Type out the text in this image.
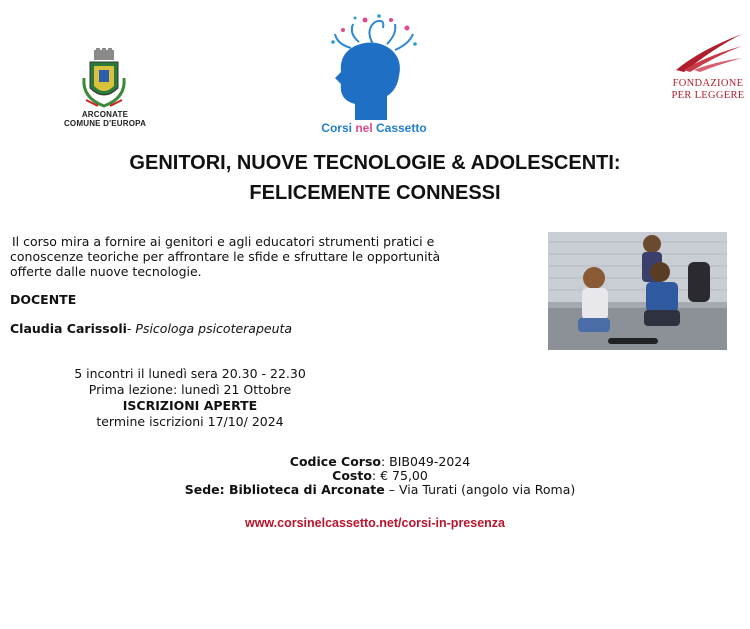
ARCONATE
COMUNE D'EUROPA	Corsi nel Cassetto
FONDAZIONE
PER LEGGERE
GENITORI, NUOVE TECNOLOGIE & ADOLESCENTI:
FELICEMENTE CONNESSI
Il corso mira a fornire ai genitori e agli educatori strumenti pratici e
conoscenze teoriche per affrontare le sfide e sfruttare le opportunità
offerte dalle nuove tecnologie.
DOCENTE
Claudia Carissoli- Psicologa psicoterapeuta
5 incontri il lunedì sera 20.30 - 22.30
Prima lezione: lunedì 21 Ottobre
ISCRIZIONI APERTE
termine iscrizioni 17/10/ 2024
Codice Corso: BIB049-2024
Costo: € 75,00
Sede: Biblioteca di Arconate – Via Turati (angolo via Roma)
www.corsinelcassetto.net/corsi-in-presenza
